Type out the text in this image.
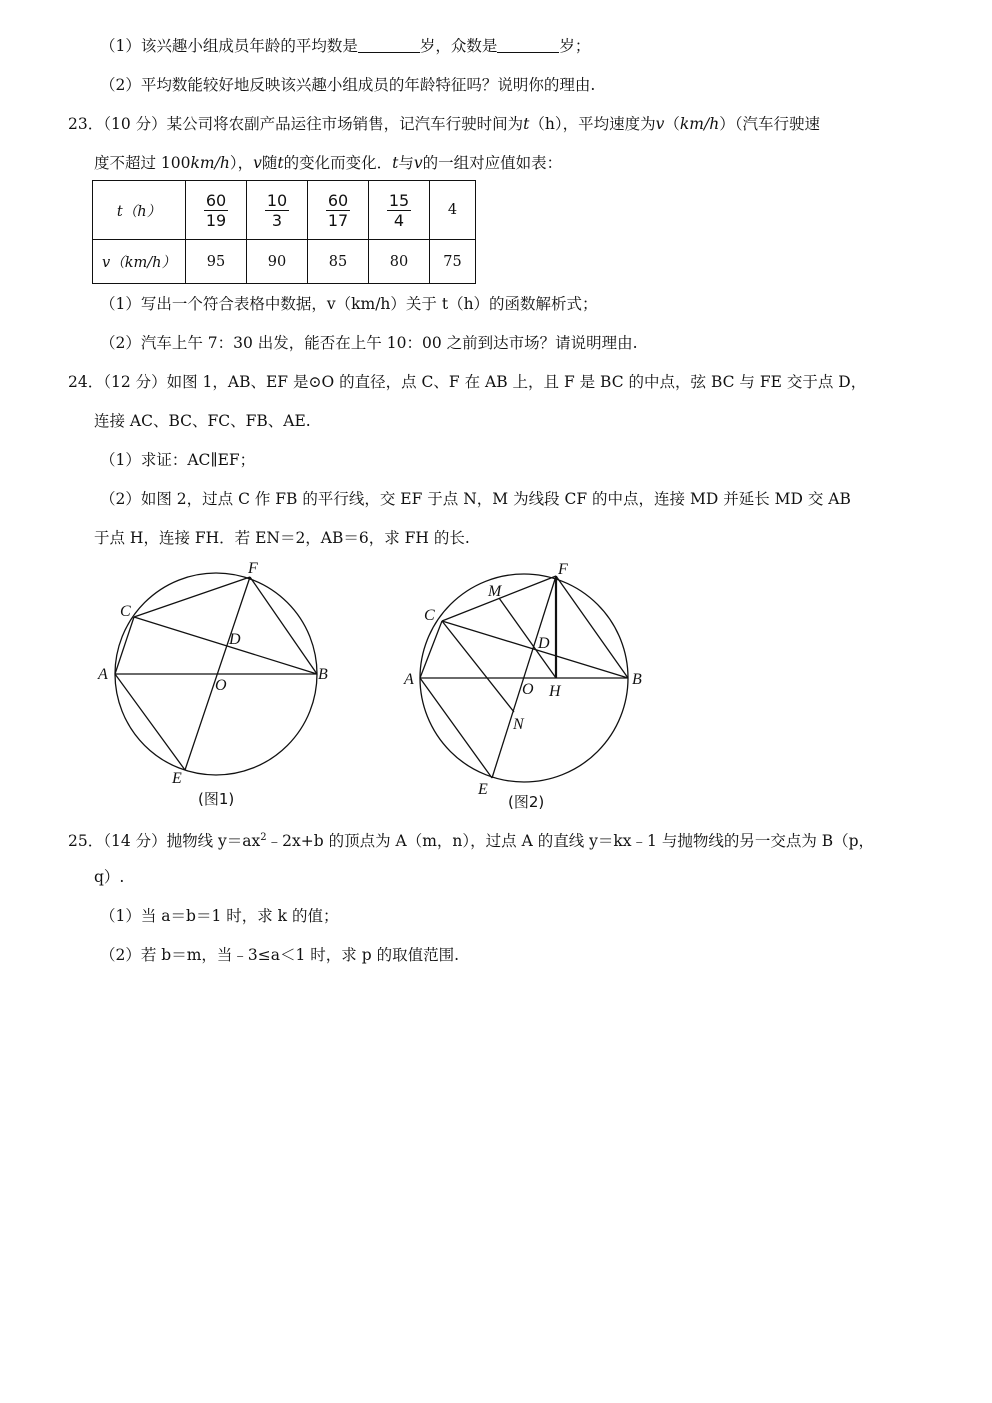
（1）该兴趣小组成员年龄的平均数是	岁，众数是	岁；
（2）平均数能较好地反映该兴趣小组成员的年龄特征吗？说明你的理由.
23．（10 分）某公司将农副产品运往市场销售，记汽车行驶时间为t（h），平均速度为v（km/h）（汽车行驶速
度不超过 100km/h），v随t的变化而变化．t与v的一组对应值如表：
t（h）	$\frac{60}{19}$	$\frac{10}{3}$	$\frac{60}{17}$	$\frac{15}{4}$	4
v（km/h）	95	90	85	80	75
（1）写出一个符合表格中数据，v（km/h）关于 t（h）的函数解析式；
（2）汽车上午 7：30 出发，能否在上午 10：00 之前到达市场？请说明理由.
24．（12 分）如图 1，AB、EF 是⊙O 的直径，点 C、F 在 AB 上，且 F 是 BC 的中点，弦 BC 与 FE 交于点 D，
连接 AC、BC、FC、FB、AE.
（1）求证：AC∥EF；
（2）如图 2，过点 C 作 FB 的平行线，交 EF 于点 N，M 为线段 CF 的中点，连接 MD 并延长 MD 交 AB
于点 H，连接 FH．若 EN＝2，AB＝6，求 FH 的长.
C
F
D
A
O
B
E
(图1)
M
F
C
D
A
O H
B
N
E
(图2)
25．（14 分）抛物线 $y=ax^2﹣2x+b$ 的顶点为 A（m，n），过点 A 的直线 y＝kx﹣1 与抛物线的另一交点为 B（p，
q）.
（1）当 a＝b＝1 时，求 k 的值；
（2）若 b＝m，当﹣3≤a＜1 时，求 p 的取值范围.
